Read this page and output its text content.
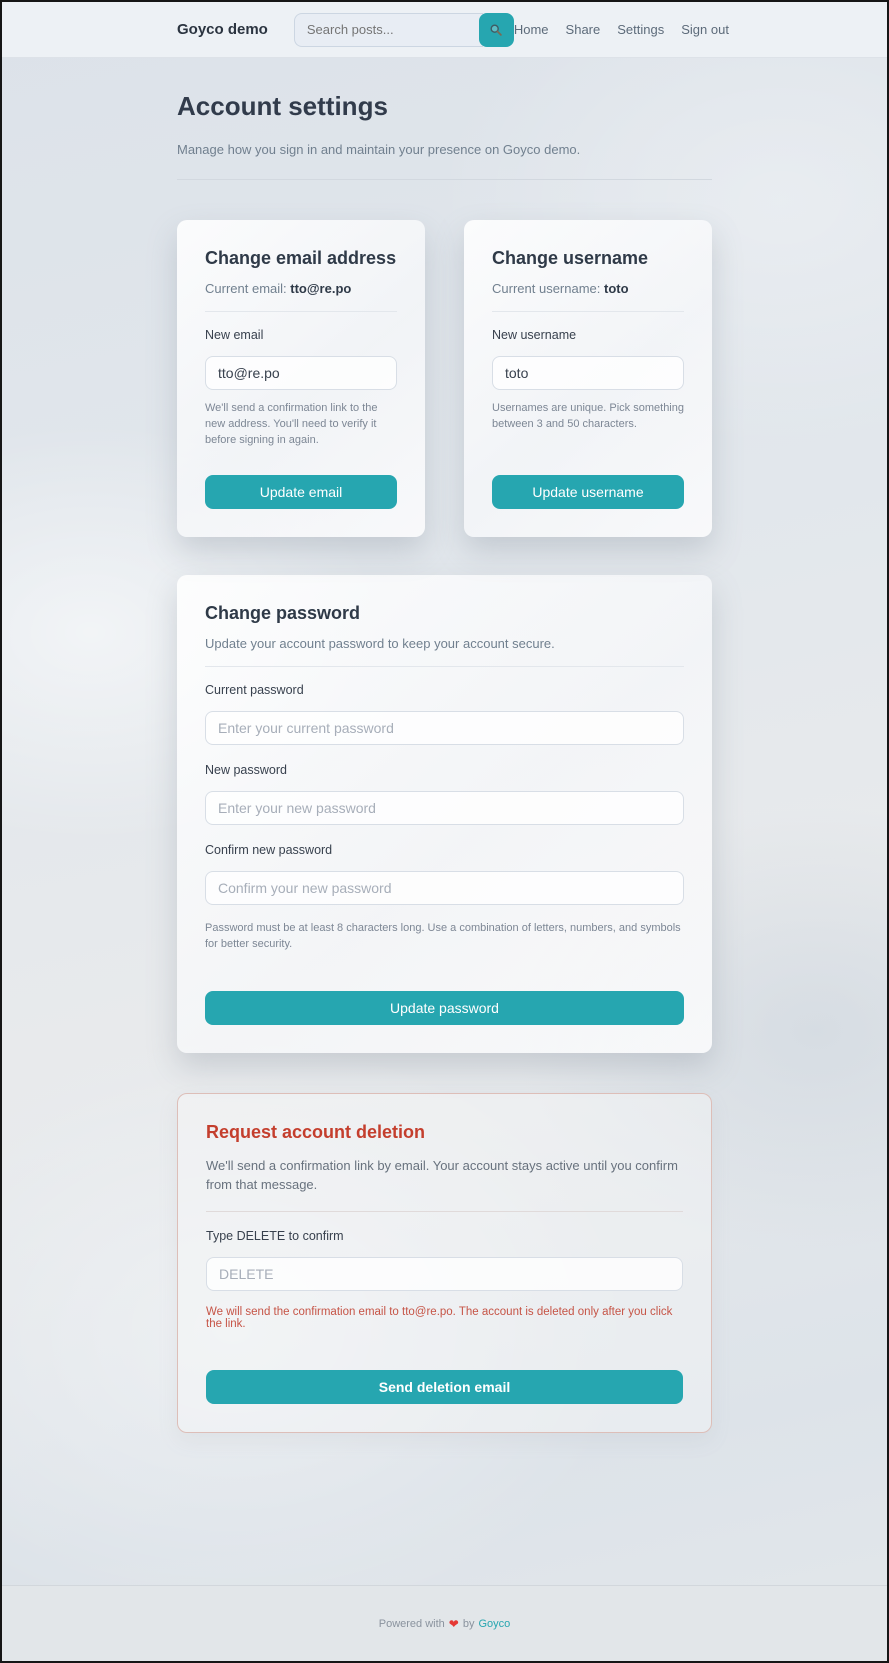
Goyco demo
Search posts...	Home Share Settings Sign out
Account settings

Manage how you sign in and maintain your presence on Goyco demo.

Change email address

Current email: tto@re.po

New email
tto@re.po

We'll send a confirmation link to the new address. You'll need to verify it before signing in again.

Update email
Change username

Current username: toto

New username
toto

Usernames are unique. Pick something between 3 and 50 characters.

Update username
Change password

Update your account password to keep your account secure.

Current password
New password
Confirm new password

Password must be at least 8 characters long. Use a combination of letters, numbers, and symbols for better security.

Update password
Request account deletion

We'll send a confirmation link by email. Your account stays active until you confirm from that message.

Type DELETE to confirm
DELETE

We will send the confirmation email to tto@re.po. The account is deleted only after you click the link.

Send deletion email
Powered with ❤ by Goyco
